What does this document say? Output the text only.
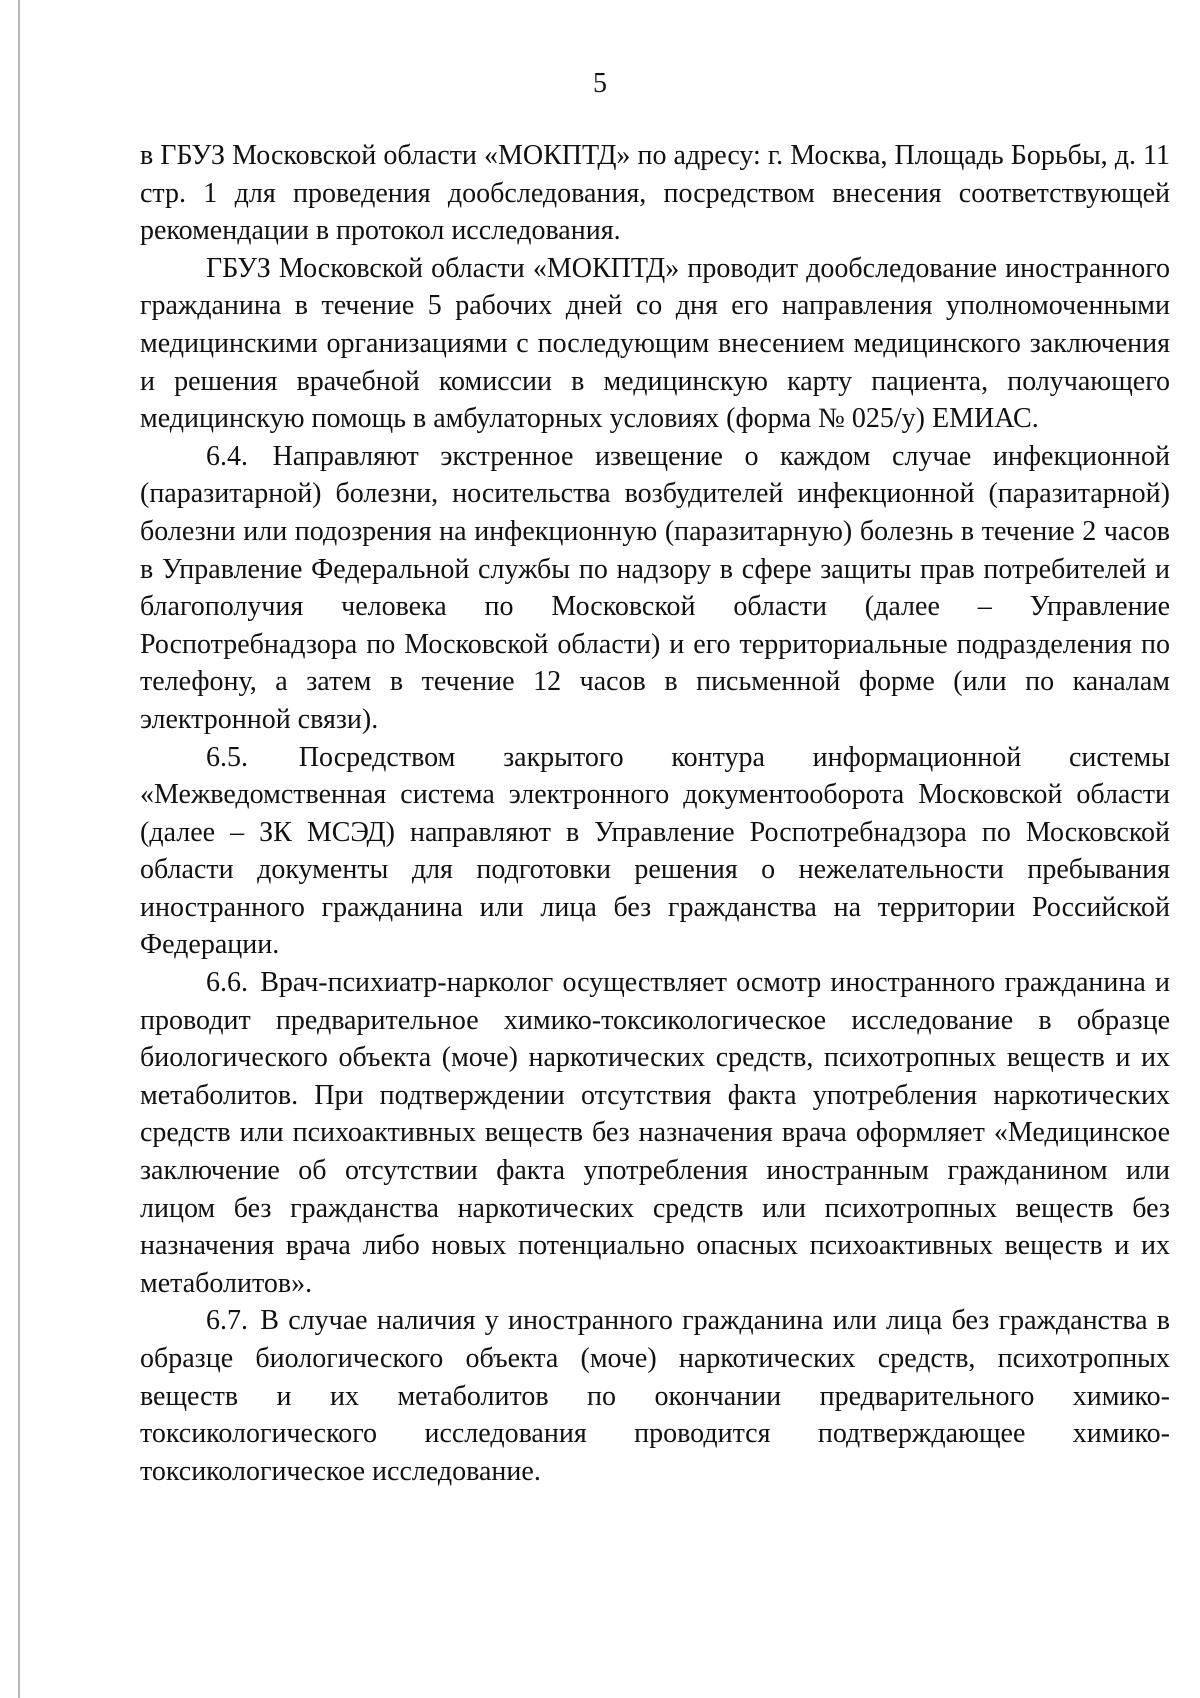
5

в ГБУЗ Московской области «МОКПТД» по адресу: г. Москва, Площадь Борьбы, д. 11 стр. 1 для проведения дообследования, посредством внесения соответствующей рекомендации в протокол исследования.

ГБУЗ Московской области «МОКПТД» проводит дообследование иностранного гражданина в течение 5 рабочих дней со дня его направления уполномоченными медицинскими организациями с последующим внесением медицинского заключения и решения врачебной комиссии в медицинскую карту пациента, получающего медицинскую помощь в амбулаторных условиях (форма № 025/у) ЕМИАС.

6.4. Направляют экстренное извещение о каждом случае инфекционной (паразитарной) болезни, носительства возбудителей инфекционной (паразитарной) болезни или подозрения на инфекционную (паразитарную) болезнь в течение 2 часов в Управление Федеральной службы по надзору в сфере защиты прав потребителей и благополучия человека по Московской области (далее – Управление Роспотребнадзора по Московской области) и его территориальные подразделения по телефону, а затем в течение 12 часов в письменной форме (или по каналам электронной связи).

6.5. Посредством закрытого контура информационной системы «Межведомственная система электронного документооборота Московской области (далее – ЗК МСЭД) направляют в Управление Роспотребнадзора по Московской области документы для подготовки решения о нежелательности пребывания иностранного гражданина или лица без гражданства на территории Российской Федерации.

6.6. Врач-психиатр-нарколог осуществляет осмотр иностранного гражданина и проводит предварительное химико-токсикологическое исследование в образце биологического объекта (моче) наркотических средств, психотропных веществ и их метаболитов. При подтверждении отсутствия факта употребления наркотических средств или психоактивных веществ без назначения врача оформляет «Медицинское заключение об отсутствии факта употребления иностранным гражданином или лицом без гражданства наркотических средств или психотропных веществ без назначения врача либо новых потенциально опасных психоактивных веществ и их метаболитов».

6.7. В случае наличия у иностранного гражданина или лица без гражданства в образце биологического объекта (моче) наркотических средств, психотропных веществ и их метаболитов по окончании предварительного химико-токсикологического исследования проводится подтверждающее химико-токсикологическое исследование.
